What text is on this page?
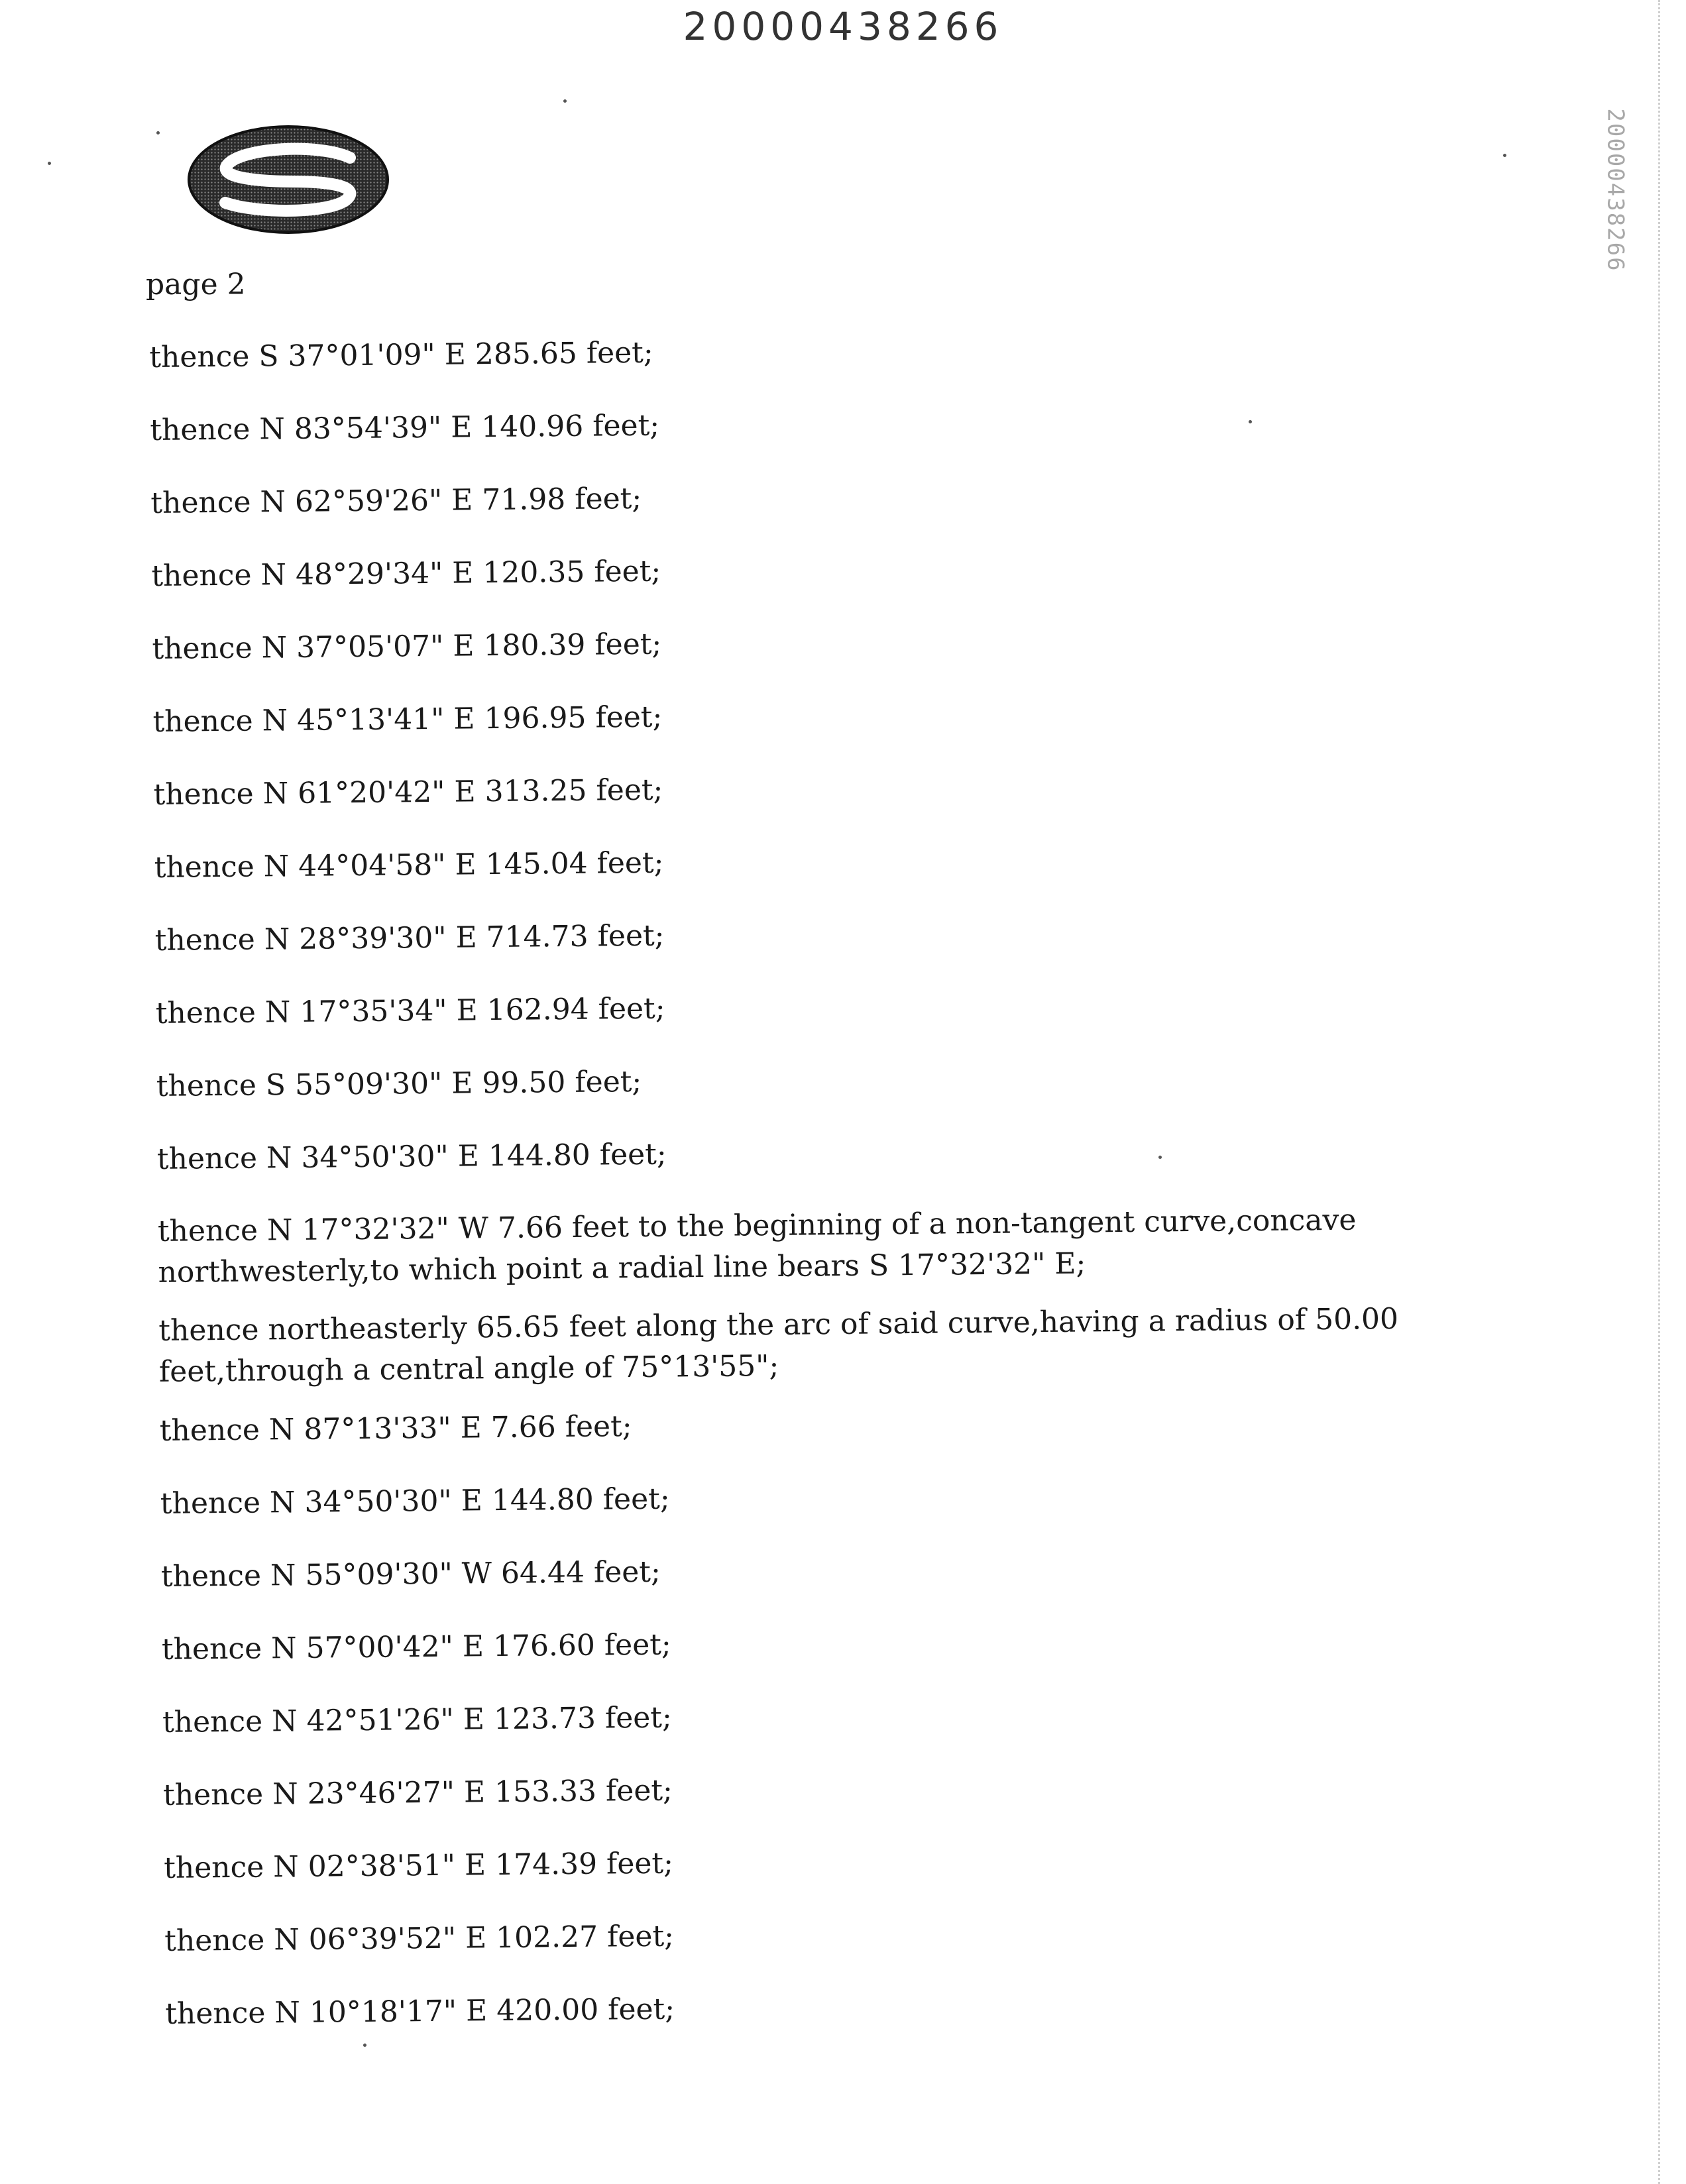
20000438266
20000438266
page 2

thence S 37°01'09" E 285.65 feet;

thence N 83°54'39" E 140.96 feet;

thence N 62°59'26" E 71.98 feet;

thence N 48°29'34" E 120.35 feet;

thence N 37°05'07" E 180.39 feet;

thence N 45°13'41" E 196.95 feet;

thence N 61°20'42" E 313.25 feet;

thence N 44°04'58" E 145.04 feet;

thence N 28°39'30" E 714.73 feet;

thence N 17°35'34" E 162.94 feet;

thence S 55°09'30" E 99.50 feet;

thence N 34°50'30" E 144.80 feet;

thence N 17°32'32" W 7.66 feet to the beginning of a non-tangent curve,concave northwesterly,to which point a radial line bears S 17°32'32" E;

thence northeasterly 65.65 feet along the arc of said curve,having a radius of 50.00 feet,through a central angle of 75°13'55";

thence N 87°13'33" E 7.66 feet;

thence N 34°50'30" E 144.80 feet;

thence N 55°09'30" W 64.44 feet;

thence N 57°00'42" E 176.60 feet;

thence N 42°51'26" E 123.73 feet;

thence N 23°46'27" E 153.33 feet;

thence N 02°38'51" E 174.39 feet;

thence N 06°39'52" E 102.27 feet;

thence N 10°18'17" E 420.00 feet;
